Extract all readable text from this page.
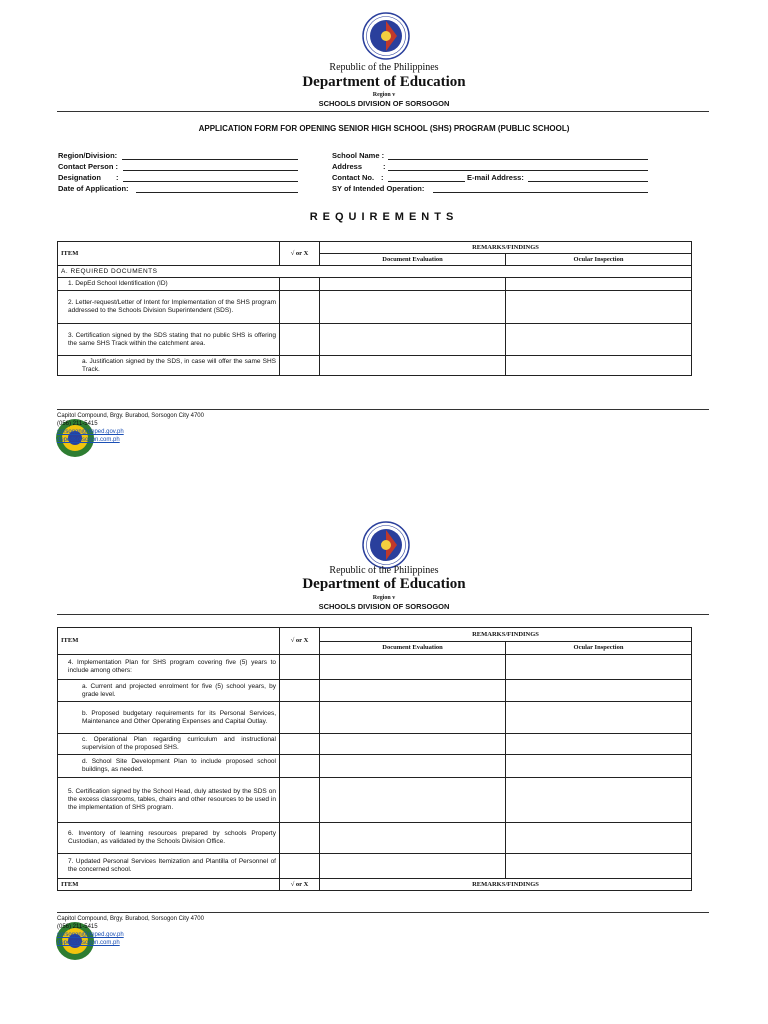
Republic of the Philippines
Department of Education
Region v
SCHOOLS DIVISION OF SORSOGON
APPLICATION FORM FOR OPENING SENIOR HIGH SCHOOL (SHS) PROGRAM (PUBLIC SCHOOL)
Region/Division:
Contact Person :
Designation :
Date of Application:
School Name :
Address	:
Contact No. :	E-mail Address:
SY of Intended Operation:
REQUIREMENTS
ITEM	√ or X	REMARKS/FINDINGS	
		Document Evaluation	Ocular Inspection
A. REQUIRED DOCUMENTS			
1. DepEd School Identification (ID)			
2. Letter-request/Letter of Intent for Implementation of the SHS program addressed to the Schools Division Superintendent (SDS).			
3. Certification signed by the SDS stating that no public SHS is offering the same SHS Track within the catchment area.			
a. Justification signed by the SDS, in case will offer the same SHS Track.			
Capitol Compound, Brgy. Burabod, Sorsogon City 4700
(056) 211-5415
sorsogon@deped.gov.ph
depedsorsogon.com.ph
Republic of the Philippines
Department of Education
Region v
SCHOOLS DIVISION OF SORSOGON
ITEM	√ or X	REMARKS/FINDINGS	
		Document Evaluation	Ocular Inspection
4. Implementation Plan for SHS program covering five (5) years to include among others:			
a. Current and projected enrolment for five (5) school years, by grade level.			
b. Proposed budgetary requirements for its Personal Services, Maintenance and Other Operating Expenses and Capital Outlay.			
c. Operational Plan regarding curriculum and instructional supervision of the proposed SHS.			
d. School Site Development Plan to include proposed school buildings, as needed.			
5. Certification signed by the School Head, duly attested by the SDS on the excess classrooms, tables, chairs and other resources to be used in the implementation of SHS program.			
6. Inventory of learning resources prepared by schools Property Custodian, as validated by the Schools Division Office.			
7. Updated Personal Services Itemization and Plantilla of Personnel of the concerned school.			
ITEM	√ or X	REMARKS/FINDINGS	
Capitol Compound, Brgy. Burabod, Sorsogon City 4700
(056) 211-5415
sorsogon@deped.gov.ph
depedsorsogon.com.ph
